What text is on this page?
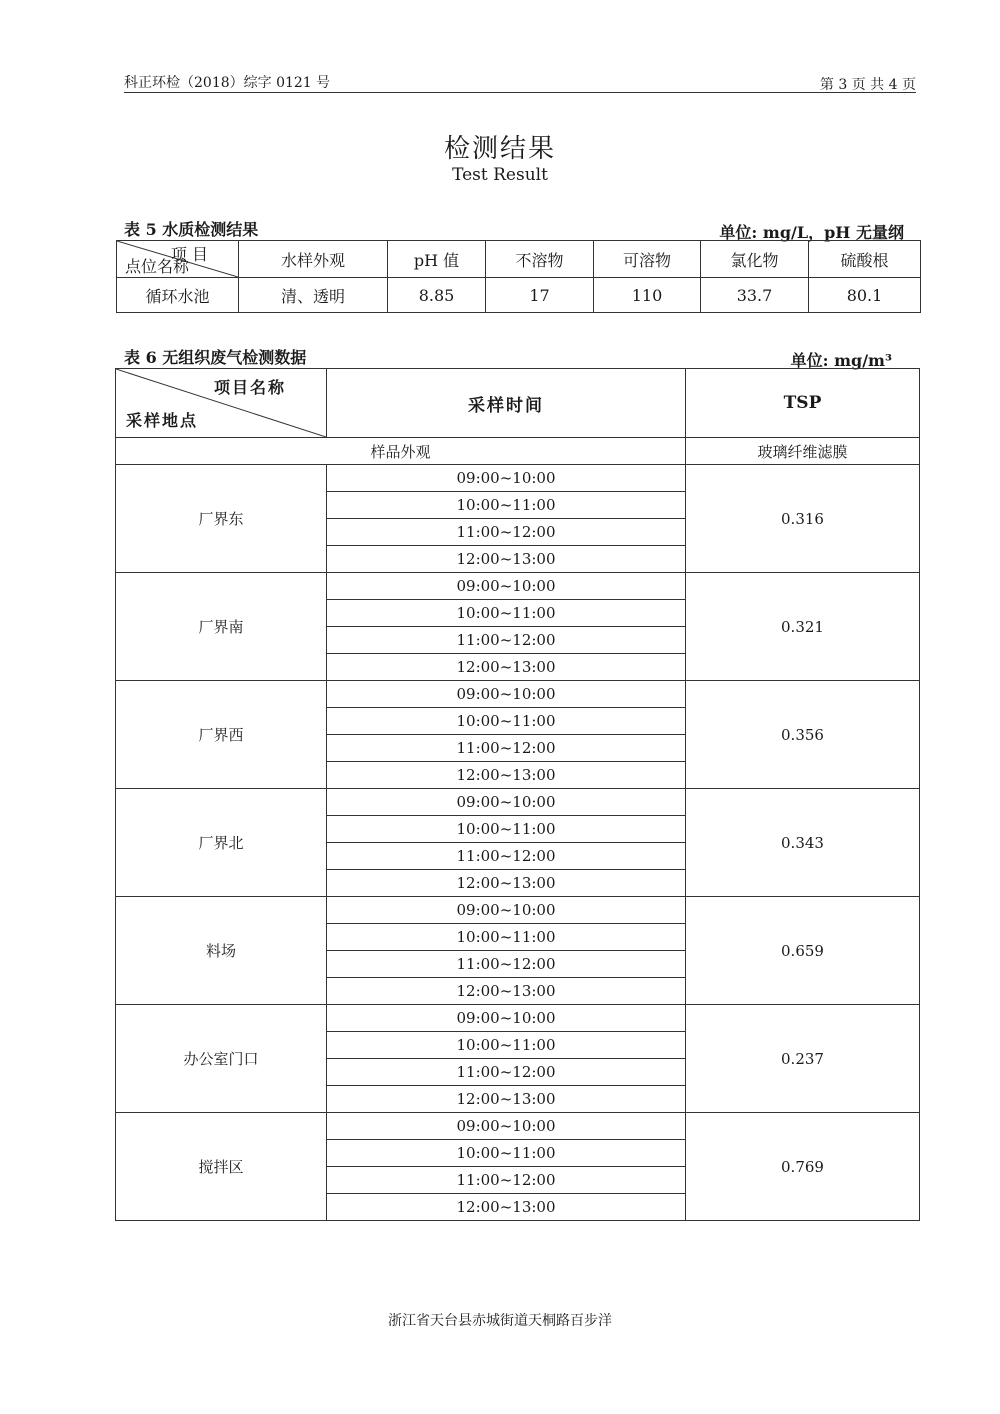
科正环检（2018）综字 0121 号	第 3 页 共 4 页
检测结果
Test Result
表 5 水质检测结果	单位: mg/L，pH 无量纲
项 目
点位名称	水样外观	pH 值	不溶物	可溶物	氯化物	硫酸根
循环水池	清、透明	8.85	17	110	33.7	80.1
表 6 无组织废气检测数据	单位: mg/m³
项目名称
采样地点	采样时间	TSP
样品外观		玻璃纤维滤膜
厂界东	09:00~10:00	0.316
	10:00~11:00	
	11:00~12:00	
	12:00~13:00	
厂界南	09:00~10:00	0.321
	10:00~11:00	
	11:00~12:00	
	12:00~13:00	
厂界西	09:00~10:00	0.356
	10:00~11:00	
	11:00~12:00	
	12:00~13:00	
厂界北	09:00~10:00	0.343
	10:00~11:00	
	11:00~12:00	
	12:00~13:00	
料场	09:00~10:00	0.659
	10:00~11:00	
	11:00~12:00	
	12:00~13:00	
办公室门口	09:00~10:00	0.237
	10:00~11:00	
	11:00~12:00	
	12:00~13:00	
搅拌区	09:00~10:00	0.769
	10:00~11:00	
	11:00~12:00	
	12:00~13:00	
浙江省天台县赤城街道天桐路百步洋
